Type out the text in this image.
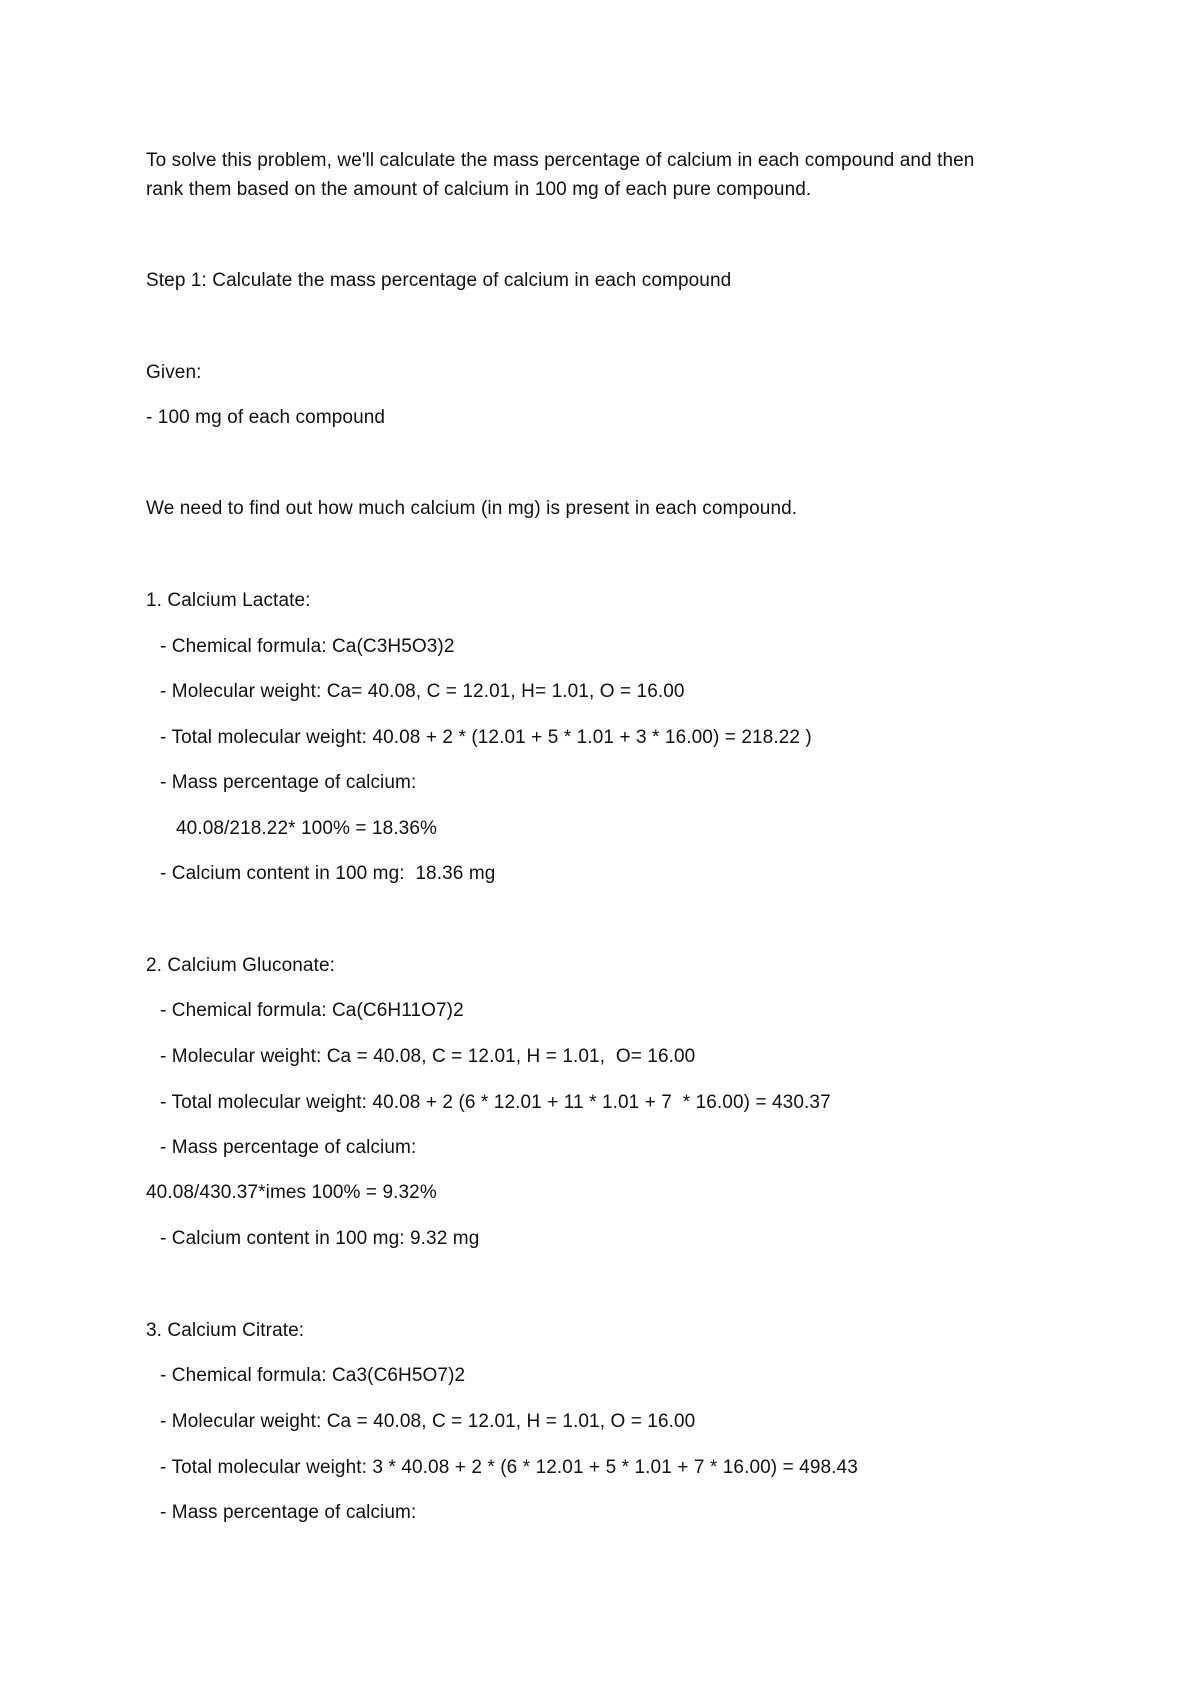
To solve this problem, we'll calculate the mass percentage of calcium in each compound and then
rank them based on the amount of calcium in 100 mg of each pure compound.
Step 1: Calculate the mass percentage of calcium in each compound
Given:
- 100 mg of each compound
We need to find out how much calcium (in mg) is present in each compound.
1. Calcium Lactate:
- Chemical formula: Ca(C3H5O3)2
- Molecular weight: Ca= 40.08, C = 12.01, H= 1.01, O = 16.00
- Total molecular weight: 40.08 + 2 * (12.01 + 5 * 1.01 + 3 * 16.00) = 218.22 )
- Mass percentage of calcium:
40.08/218.22* 100% = 18.36%
- Calcium content in 100 mg:  18.36 mg
2. Calcium Gluconate:
- Chemical formula: Ca(C6H11O7)2
- Molecular weight: Ca = 40.08, C = 12.01, H = 1.01,  O= 16.00
- Total molecular weight: 40.08 + 2 (6 * 12.01 + 11 * 1.01 + 7  * 16.00) = 430.37
- Mass percentage of calcium:
40.08/430.37*imes 100% = 9.32%
- Calcium content in 100 mg: 9.32 mg
3. Calcium Citrate:
- Chemical formula: Ca3(C6H5O7)2
- Molecular weight: Ca = 40.08, C = 12.01, H = 1.01, O = 16.00
- Total molecular weight: 3 * 40.08 + 2 * (6 * 12.01 + 5 * 1.01 + 7 * 16.00) = 498.43
- Mass percentage of calcium:
